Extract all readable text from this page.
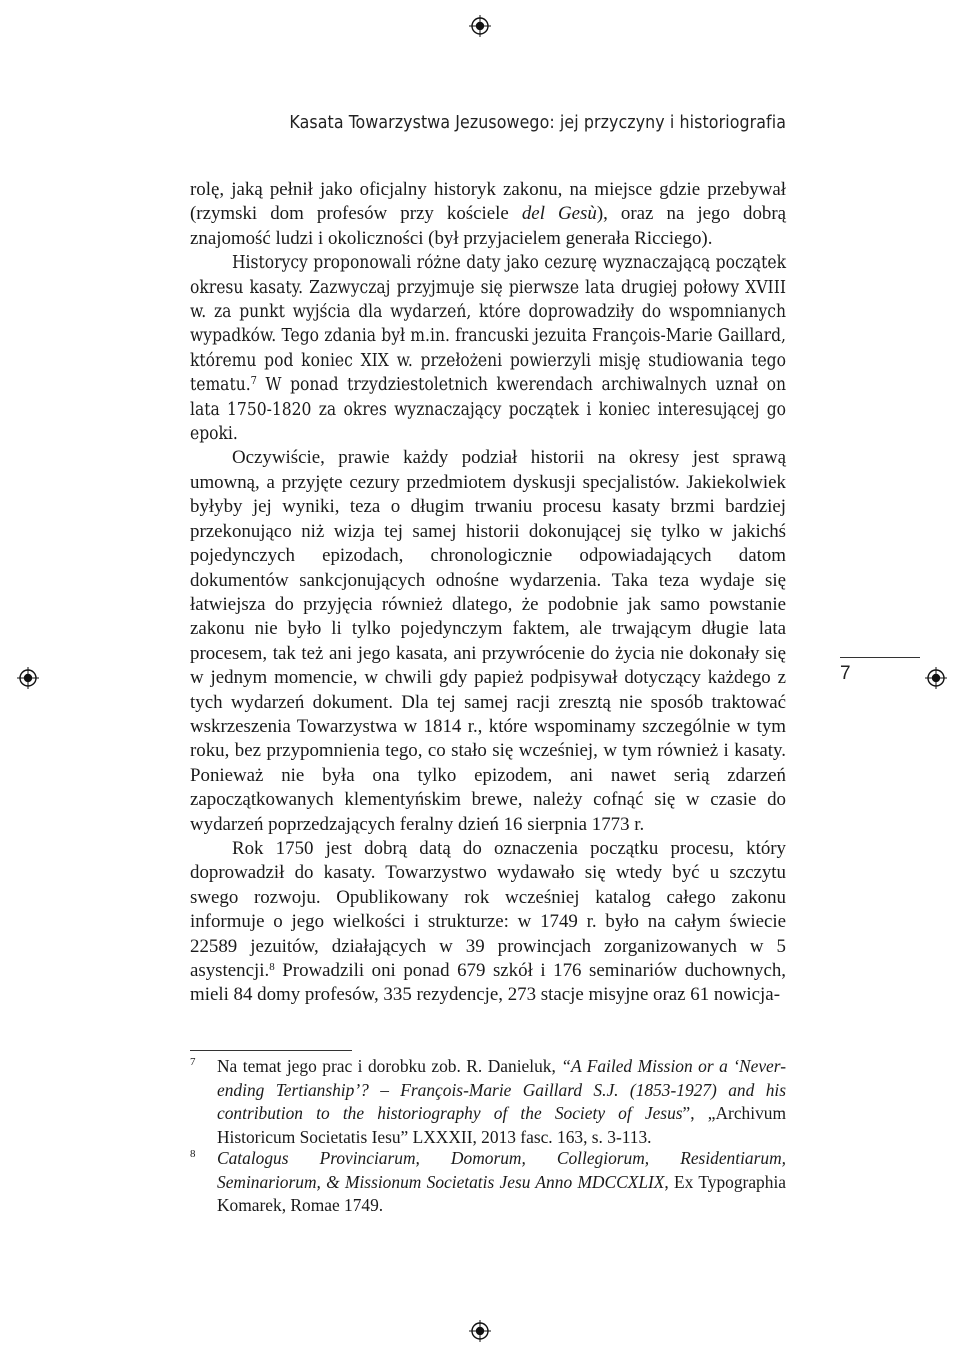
Kasata Towarzystwa Jezusowego: jej przyczyny i historiografia

rolę, jaką pełnił jako oficjalny historyk zakonu, na miejsce gdzie przebywał (rzymski dom profesów przy kościele del Gesù), oraz na jego dobrą znajomość ludzi i okoliczności (był przyjacielem generała Ricciego).

Historycy proponowali różne daty jako cezurę wyznaczającą początek okresu kasaty. Zazwyczaj przyjmuje się pierwsze lata drugiej połowy XVIII w. za punkt wyjścia dla wydarzeń, które doprowadziły do wspomnianych wypadków. Tego zdania był m.in. francuski jezuita François-Marie Gaillard, któremu pod koniec XIX w. przełożeni powierzyli misję studiowania tego tematu.$^7$ W ponad trzydziestoletnich kwerendach archiwalnych uznał on lata 1750-1820 za okres wyznaczający początek i koniec interesującej go epoki.

Oczywiście, prawie każdy podział historii na okresy jest sprawą umowną, a przyjęte cezury przedmiotem dyskusji specjalistów. Jakiekolwiek byłyby jej wyniki, teza o długim trwaniu procesu kasaty brzmi bardziej przekonująco niż wizja tej samej historii dokonującej się tylko w jakichś pojedynczych epizodach, chronologicznie odpowiadających datom dokumentów sankcjonujących odnośne wydarzenia. Taka teza wydaje się łatwiejsza do przyjęcia również dlatego, że podobnie jak samo powstanie zakonu nie było li tylko pojedynczym faktem, ale trwającym długie lata procesem, tak też ani jego kasata, ani przywrócenie do życia nie dokonały się w jednym momencie, w chwili gdy papież podpisywał dotyczący każdego z tych wydarzeń dokument. Dla tej samej racji zresztą nie sposób traktować wskrzeszenia Towarzystwa w 1814 r., które wspominamy szczególnie w tym roku, bez przypomnienia tego, co stało się wcześniej, w tym również i kasaty. Ponieważ nie była ona tylko epizodem, ani nawet serią zdarzeń zapoczątkowanych klementyńskim brewe, należy cofnąć się w czasie do wydarzeń poprzedzających feralny dzień 16 sierpnia 1773 r.

Rok 1750 jest dobrą datą do oznaczenia początku procesu, który doprowadził do kasaty. Towarzystwo wydawało się wtedy być u szczytu swego rozwoju. Opublikowany rok wcześniej katalog całego zakonu informuje o jego wielkości i strukturze: w 1749 r. było na całym świecie 22589 jezuitów, działających w 39 prowincjach zorganizowanych w 5 asystencji.$^8$ Prowadzili oni ponad 679 szkół i 176 seminariów duchownych, mieli 84 domy profesów, 335 rezydencje, 273 stacje misyjne oraz 61 nowicja-

7
7 Na temat jego prac i dorobku zob. R. Danieluk, “A Failed Mission or a ‘Never-ending Tertianship’? – François-Marie Gaillard S.J. (1853-1927) and his contribution to the historiography of the Society of Jesus”, „Archivum Historicum Societatis Iesu” LXXXII, 2013 fasc. 163, s. 3-113.
8 Catalogus Provinciarum, Domorum, Collegiorum, Residentiarum, Seminariorum, & Missionum Societatis Jesu Anno MDCCXLIX, Ex Typographia Komarek, Romae 1749.
